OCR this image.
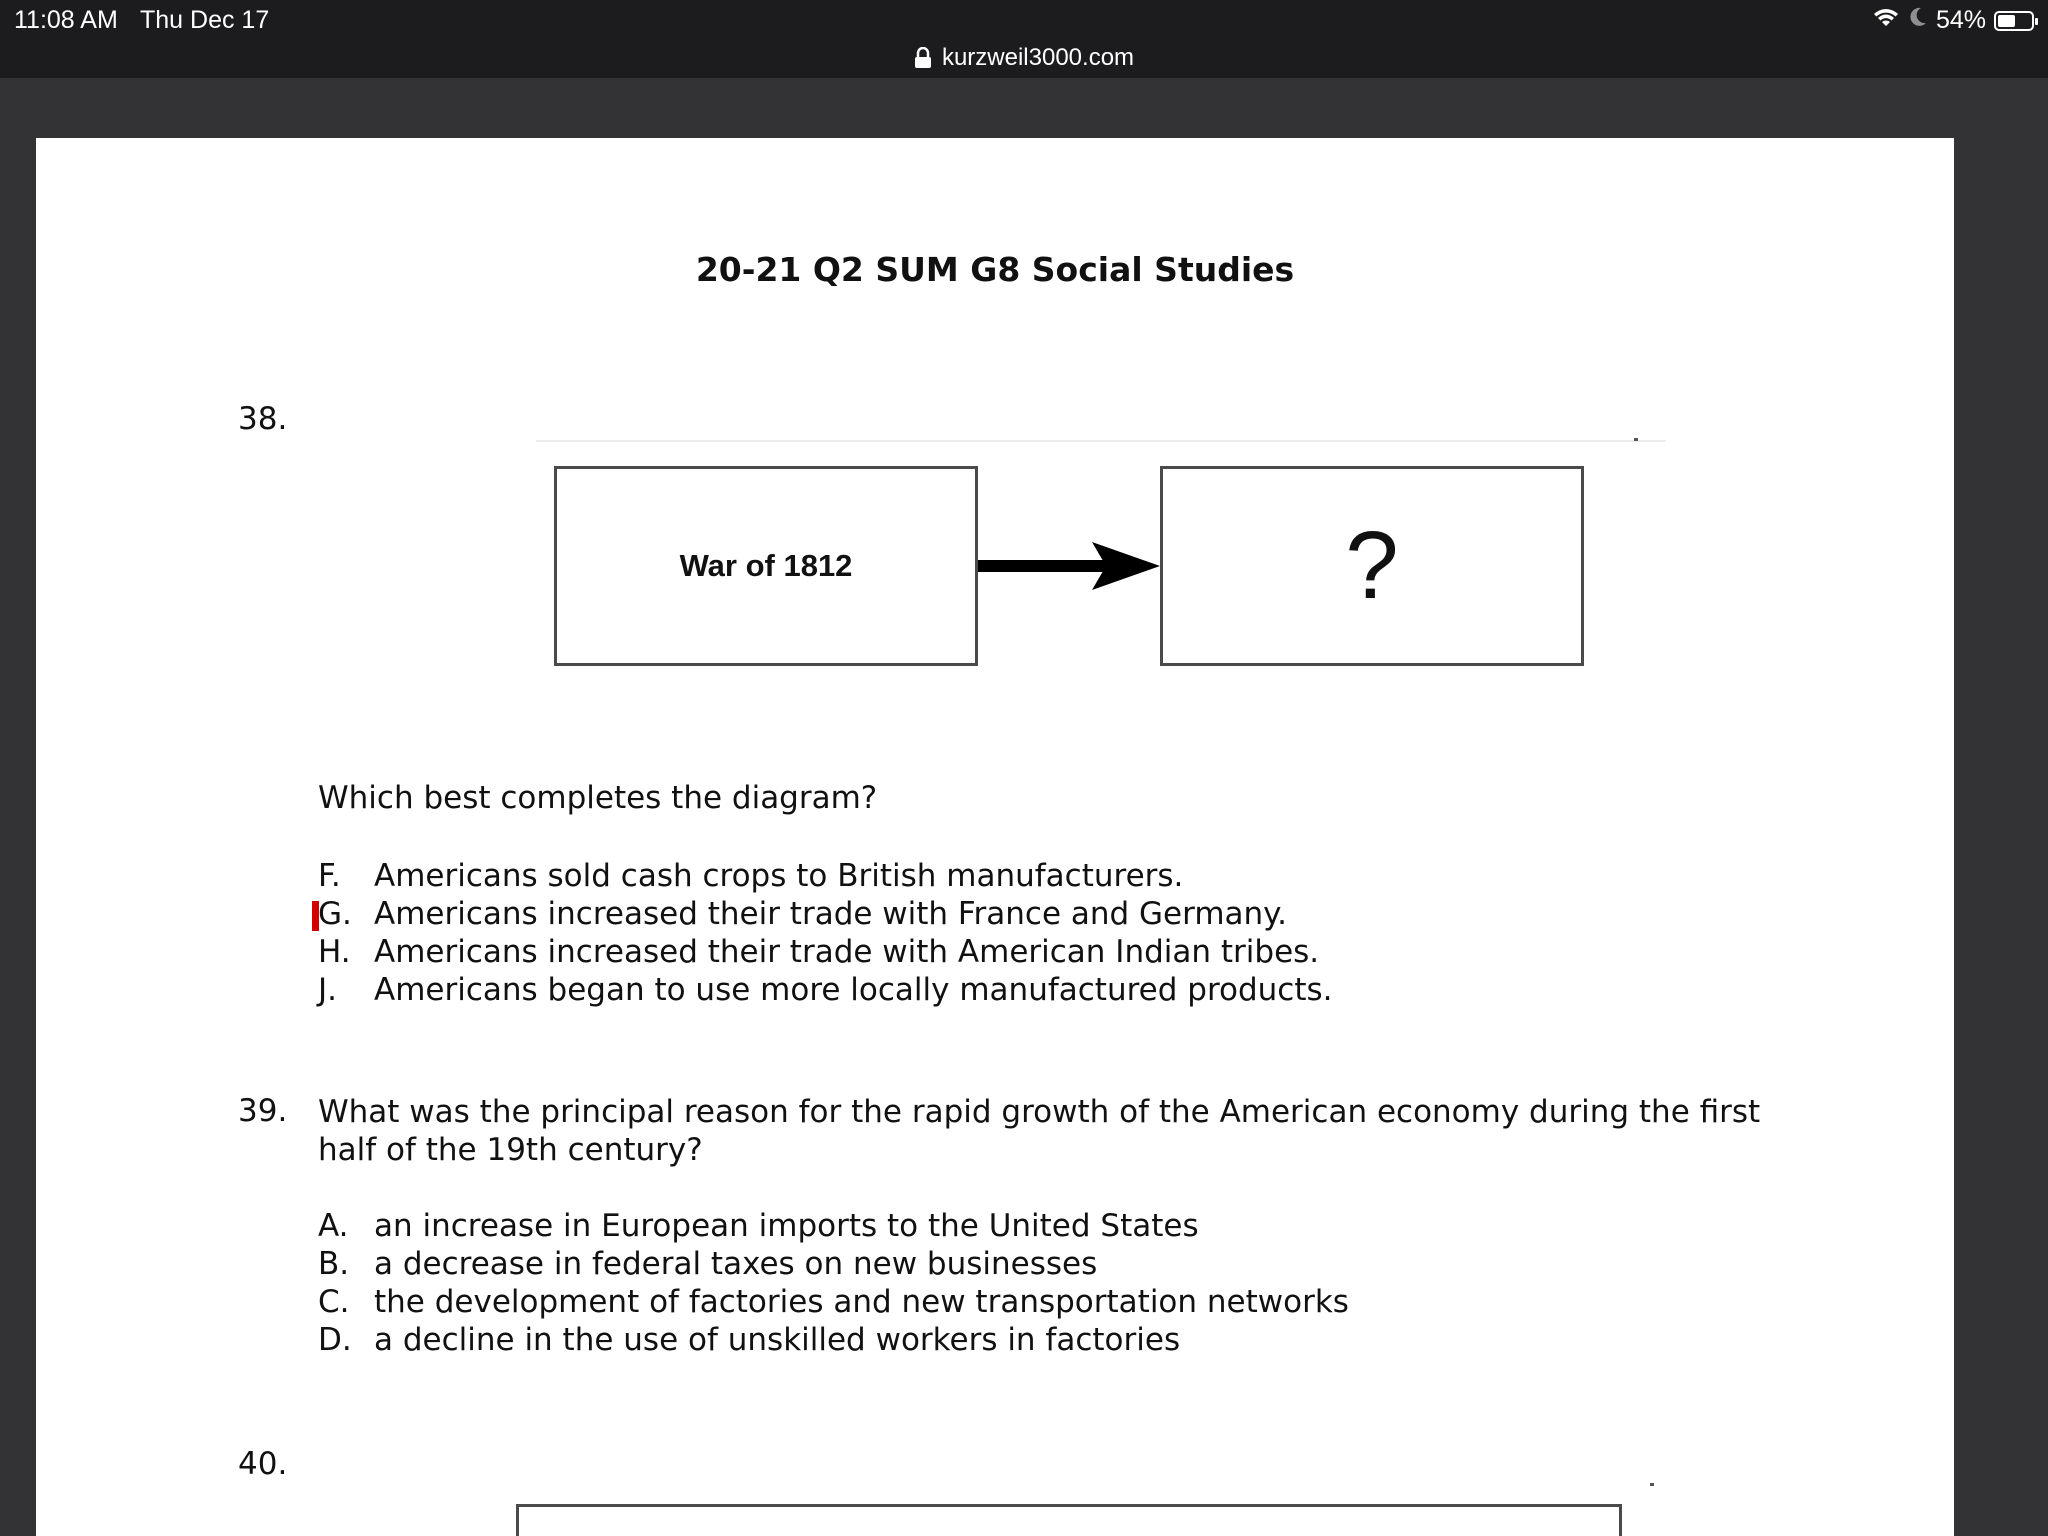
11:08 AM Thu Dec 17	54%
kurzweil3000.com
20-21 Q2 SUM G8 Social Studies
38.
War of 1812	?
Which best completes the diagram?
F. Americans sold cash crops to British manufacturers.
G. Americans increased their trade with France and Germany.
H. Americans increased their trade with American Indian tribes.
J. Americans began to use more locally manufactured products.
39. What was the principal reason for the rapid growth of the American economy during the first
half of the 19th century?
A. an increase in European imports to the United States
B. a decrease in federal taxes on new businesses
C. the development of factories and new transportation networks
D. a decline in the use of unskilled workers in factories
40.
